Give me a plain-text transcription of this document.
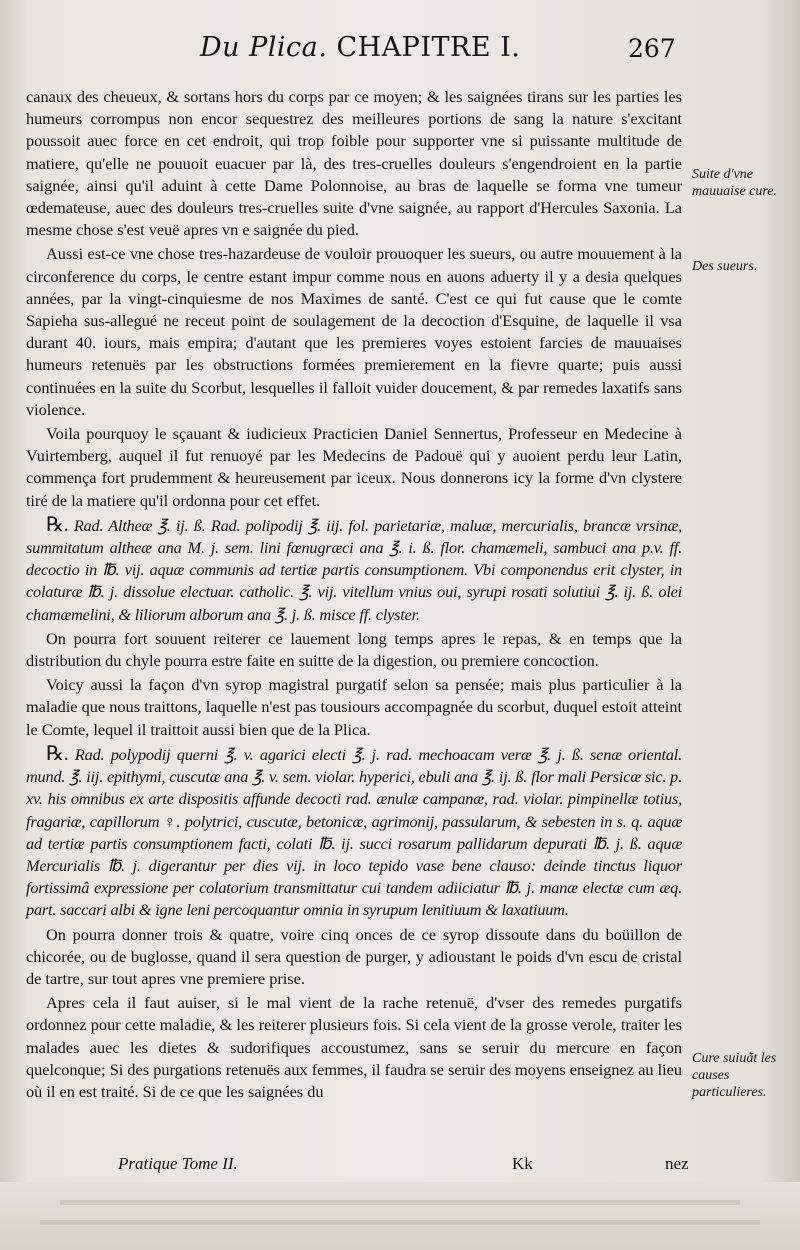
Du Plica. CHAPITRE I.	267

canaux des cheueux, & sortans hors du corps par ce moyen; & les saignées tirans sur les parties les humeurs corrompus non encor sequestrez des meilleures portions de sang la nature s'excitant poussoit auec force en cet endroit, qui trop foible pour supporter vne si puissante multitude de matiere, qu'elle ne pouuoit euacuer par là, des tres-cruelles douleurs s'engendroient en la partie saignée, ainsi qu'il aduint à cette Dame Polonnoise, au bras de laquelle se forma vne tumeur œdemateuse, auec des douleurs tres-cruelles suite d'vne saignée, au rapport d'Hercules Saxonia. La mesme chose s'est veuë apres vn e saignée du pied.

Aussi est-ce vne chose tres-hazardeuse de vouloir prouoquer les sueurs, ou autre mouuement à la circonference du corps, le centre estant impur comme nous en auons aduerty il y a desia quelques années, par la vingt-cinquiesme de nos Maximes de santé. C'est ce qui fut cause que le comte Sapieha sus-allegué ne receut point de soulagement de la decoction d'Esquine, de laquelle il vsa durant 40. iours, mais empira; d'autant que les premieres voyes estoient farcies de mauuaises humeurs retenuës par les obstructions formées premierement en la fievre quarte; puis aussi continuées en la suite du Scorbut, lesquelles il falloit vuider doucement, & par remedes laxatifs sans violence.

Voila pourquoy le sçauant & iudicieux Practicien Daniel Sennertus, Professeur en Medecine à Vuirtemberg, auquel il fut renuoyé par les Medecins de Padouë qui y auoient perdu leur Latin, commença fort prudemment & heureusement par iceux. Nous donnerons icy la forme d'vn clystere tiré de la matiere qu'il ordonna pour cet effet.

℞. Rad. Altheæ ℥. ij. ß. Rad. polipodij ℥. iij. fol. parietariæ, maluæ, mercurialis, brancæ vrsinæ, summitatum altheæ ana M. j. sem. lini fœnugræci ana ℥. i. ß. flor. chamæmeli, sambuci ana p.v. ff. decoctio in ℔. vij. aquæ communis ad tertiæ partis consumptionem. Vbi componendus erit clyster, in colaturæ ℔. j. dissolue electuar. catholic. ℥. vij. vitellum vnius oui, syrupi rosati solutiui ℥. ij. ß. olei chamæmelini, & liliorum alborum ana ℥. j. ß. misce ff. clyster.

On pourra fort souuent reiterer ce lauement long temps apres le repas, & en temps que la distribution du chyle pourra estre faite en suitte de la digestion, ou premiere concoction.

Voicy aussi la façon d'vn syrop magistral purgatif selon sa pensée; mais plus particulier à la maladie que nous traittons, laquelle n'est pas tousiours accompagnée du scorbut, duquel estoit atteint le Comte, lequel il traittoit aussi bien que de la Plica.

℞. Rad. polypodij querni ℥. v. agarici electi ℥. j. rad. mechoacam veræ ℥. j. ß. senæ oriental. mund. ℥. iij. epithymi, cuscutæ ana ℥. v. sem. violar. hyperici, ebuli ana ℥. ij. ß. flor mali Persicæ sic. p. xv. his omnibus ex arte dispositis affunde decocti rad. ænulæ campanæ, rad. violar. pimpinellæ totius, fragariæ, capillorum ♀. polytrici, cuscutæ, betonicæ, agrimonij, passularum, & sebesten in s. q. aquæ ad tertiæ partis consumptionem facti, colati ℔. ij. succi rosarum pallidarum depurati ℔. j. ß. aquæ Mercurialis ℔. j. digerantur per dies vij. in loco tepido vase bene clauso: deinde tinctus liquor fortissimâ expressione per colatorium transmittatur cui tandem adiiciatur ℔. j. manæ electæ cum æq. part. saccari albi & igne leni percoquantur omnia in syrupum lenitiuum & laxatiuum.

On pourra donner trois & quatre, voire cinq onces de ce syrop dissoute dans du boüillon de chicorée, ou de buglosse, quand il sera question de purger, y adioustant le poids d'vn escu de cristal de tartre, sur tout apres vne premiere prise.

Apres cela il faut auiser, si le mal vient de la rache retenuë, d'vser des remedes purgatifs ordonnez pour cette maladie, & les reiterer plusieurs fois. Si cela vient de la grosse verole, traiter les malades auec les dietes & sudorifiques accoustumez, sans se seruir du mercure en façon quelconque; Si des purgations retenuës aux femmes, il faudra se seruir des moyens enseignez au lieu où il en est traité. Si de ce que les saignées du

Suite d'vne mauuaise cure.
Des sueurs.
Cure suiuãt les causes particulieres.
Pratique Tome II.	Kk	nez
